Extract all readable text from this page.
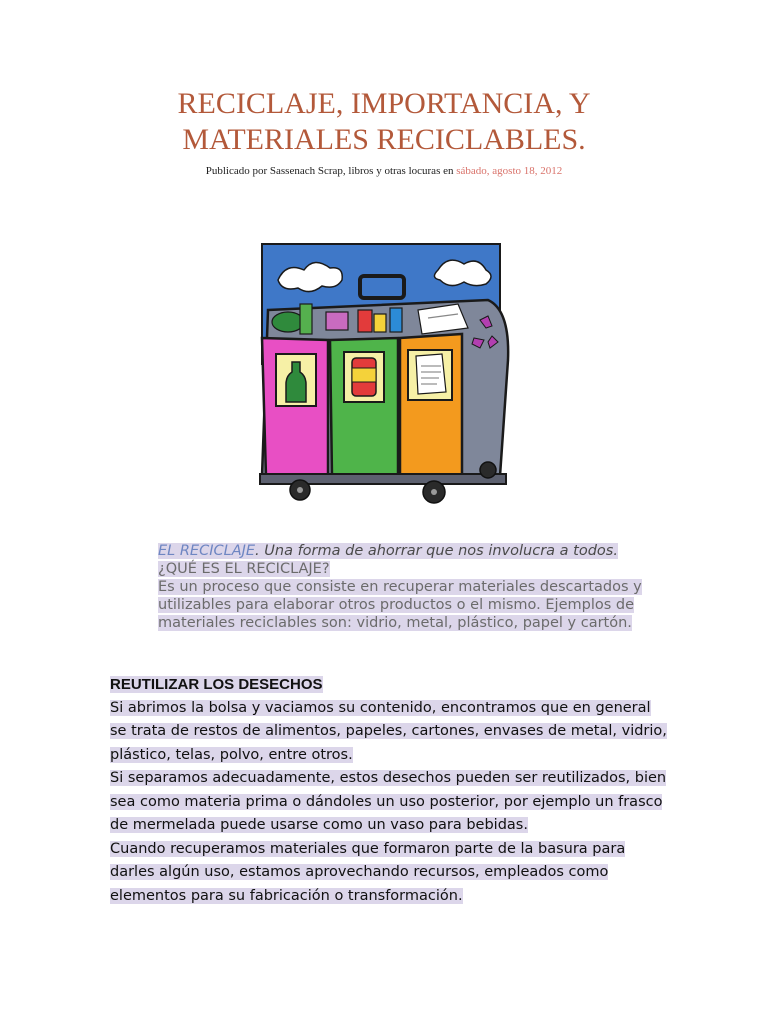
RECICLAJE, IMPORTANCIA, Y
MATERIALES RECICLABLES.
Publicado por Sassenach Scrap, libros y otras locuras en sábado, agosto 18, 2012

EL RECICLAJE. Una forma de ahorrar que nos involucra a todos.

¿QUÉ ES EL RECICLAJE?

Es un proceso que consiste en recuperar materiales descartados y utilizables para elaborar otros productos o el mismo. Ejemplos de materiales reciclables son: vidrio, metal, plástico, papel y cartón.

REUTILIZAR LOS DESECHOS

Si abrimos la bolsa y vaciamos su contenido, encontramos que en general se trata de restos de alimentos, papeles, cartones, envases de metal, vidrio, plástico, telas, polvo, entre otros.

Si separamos adecuadamente, estos desechos pueden ser reutilizados, bien sea como materia prima o dándoles un uso posterior, por ejemplo un frasco de mermelada puede usarse como un vaso para bebidas.

Cuando recuperamos materiales que formaron parte de la basura para darles algún uso, estamos aprovechando recursos, empleados como elementos para su fabricación o transformación.
